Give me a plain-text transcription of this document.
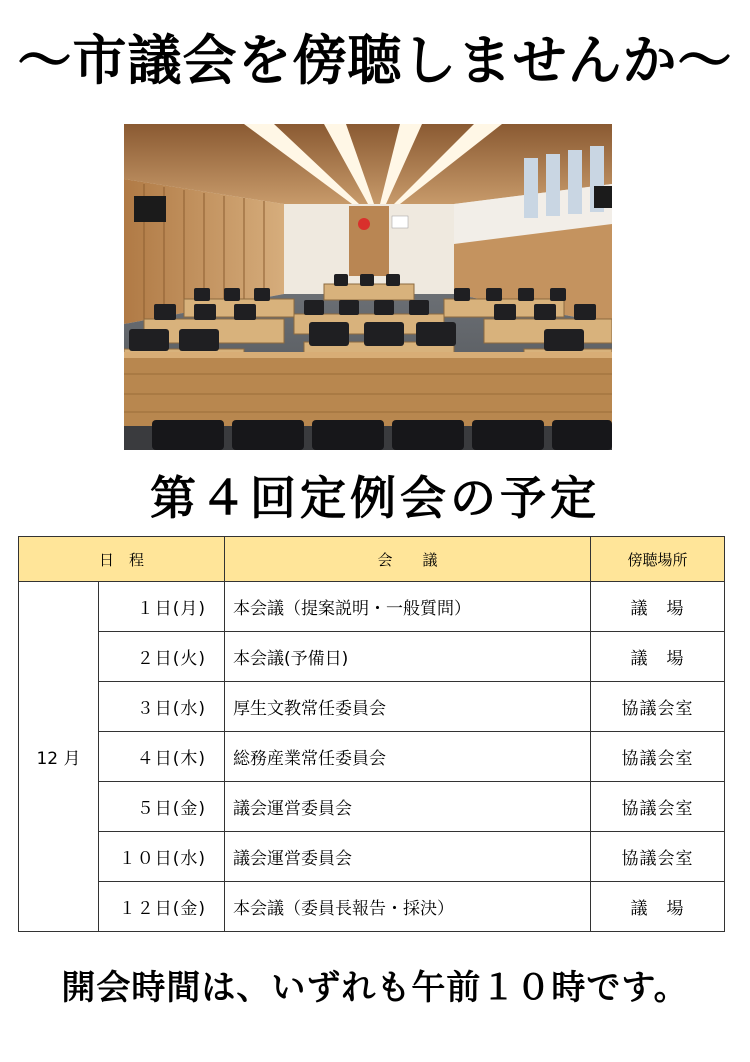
～市議会を傍聴しませんか～
第４回定例会の予定
日　程		会　　議	傍聴場所
12 月	１日(月)	本会議（提案説明・一般質問）	議　場
	２日(火)	本会議(予備日)	議　場
	３日(水)	厚生文教常任委員会	協議会室
	４日(木)	総務産業常任委員会	協議会室
	５日(金)	議会運営委員会	協議会室
	１０日(水)	議会運営委員会	協議会室
	１２日(金)	本会議（委員長報告・採決）	議　場
開会時間は、いずれも午前１０時です。
